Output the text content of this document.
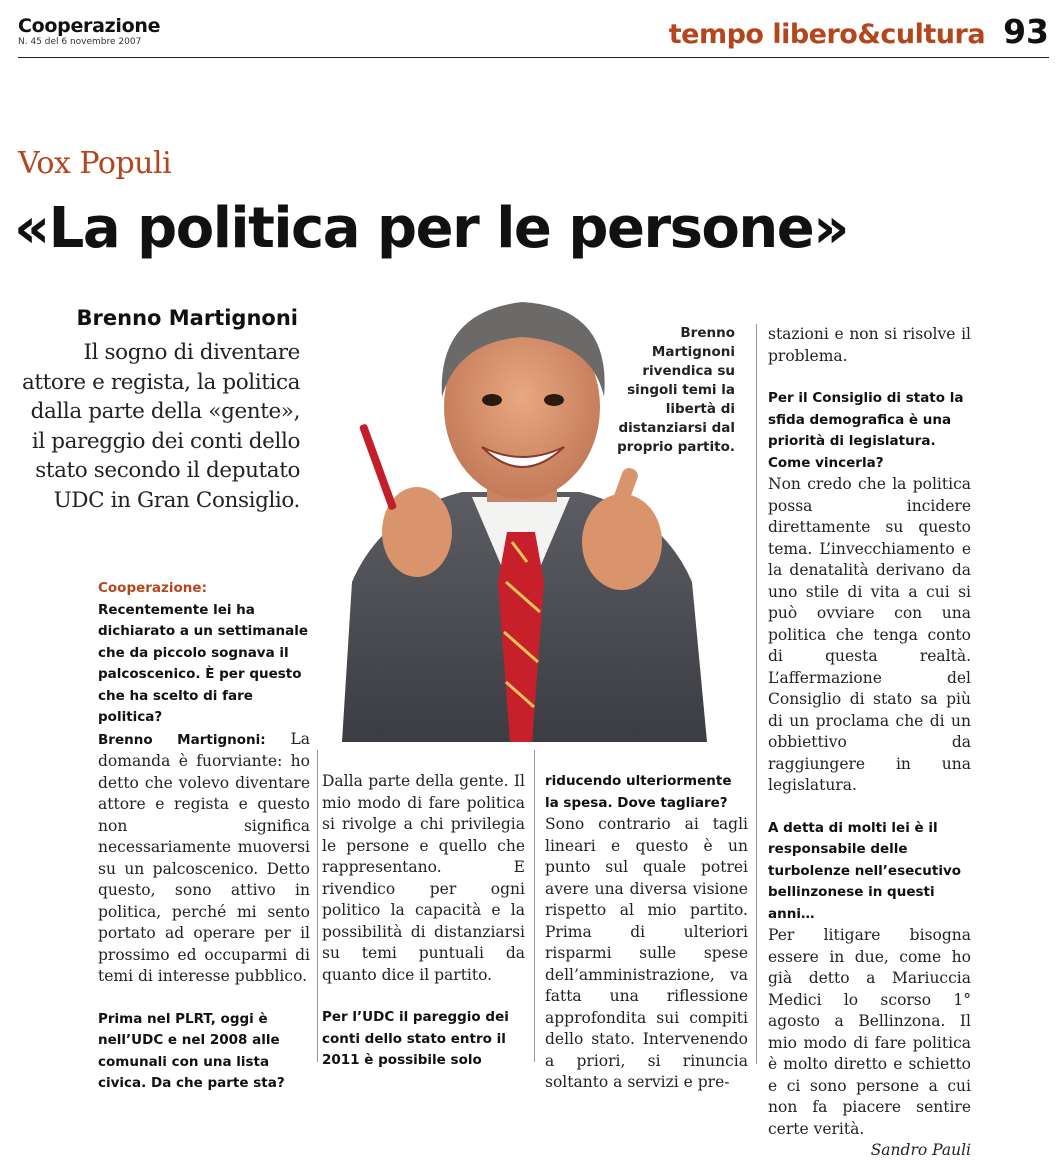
Cooperazione
N. 45 del 6 novembre 2007	tempo libero&cultura 93
Vox Populi
«La politica per le persone»
Brenno Martignoni
Il sogno di diventare attore e regista, la politica dalla parte della «gente», il pareggio dei conti dello stato secondo il deputato UDC in Gran Consiglio.
Brenno Martignoni rivendica su singoli temi la libertà di distanziarsi dal proprio partito.

Cooperazione: Recentemente lei ha dichiarato a un settimanale che da piccolo sognava il palcoscenico. È per questo che ha scelto di fare politica?

Brenno Martignoni: La domanda è fuorviante: ho detto che volevo diventare attore e regista e questo non significa necessariamente muoversi su un palcoscenico. Detto questo, sono attivo in politica, perché mi sento portato ad operare per il prossimo ed occuparmi di temi di interesse pubblico.

Prima nel PLRT, oggi è nell’UDC e nel 2008 alle comunali con una lista civica. Da che parte sta?

Dalla parte della gente. Il mio modo di fare politica si rivolge a chi privilegia le persone e quello che rappresentano. E rivendico per ogni politico la capacità e la possibilità di distanziarsi su temi puntuali da quanto dice il partito.

Per l’UDC il pareggio dei conti dello stato entro il 2011 è possibile solo

riducendo ulteriormente la spesa. Dove tagliare?

Sono contrario ai tagli lineari e questo è un punto sul quale potrei avere una diversa visione rispetto al mio partito. Prima di ulteriori risparmi sulle spese dell’amministrazione, va fatta una riflessione approfondita sui compiti dello stato. Intervenendo a priori, si rinuncia soltanto a servizi e pre-

stazioni e non si risolve il problema.

Per il Consiglio di stato la sfida demografica è una priorità di legislatura. Come vincerla?

Non credo che la politica possa incidere direttamente su questo tema. L’invecchiamento e la denatalità derivano da uno stile di vita a cui si può ovviare con una politica che tenga conto di questa realtà. L’affermazione del Consiglio di stato sa più di un proclama che di un obbiettivo da raggiungere in una legislatura.

A detta di molti lei è il responsabile delle turbolenze nell’esecutivo bellinzonese in questi anni…

Per litigare bisogna essere in due, come ho già detto a Mariuccia Medici lo scorso 1° agosto a Bellinzona. Il mio modo di fare politica è molto diretto e schietto e ci sono persone a cui non fa piacere sentire certe verità.

Sandro Pauli
